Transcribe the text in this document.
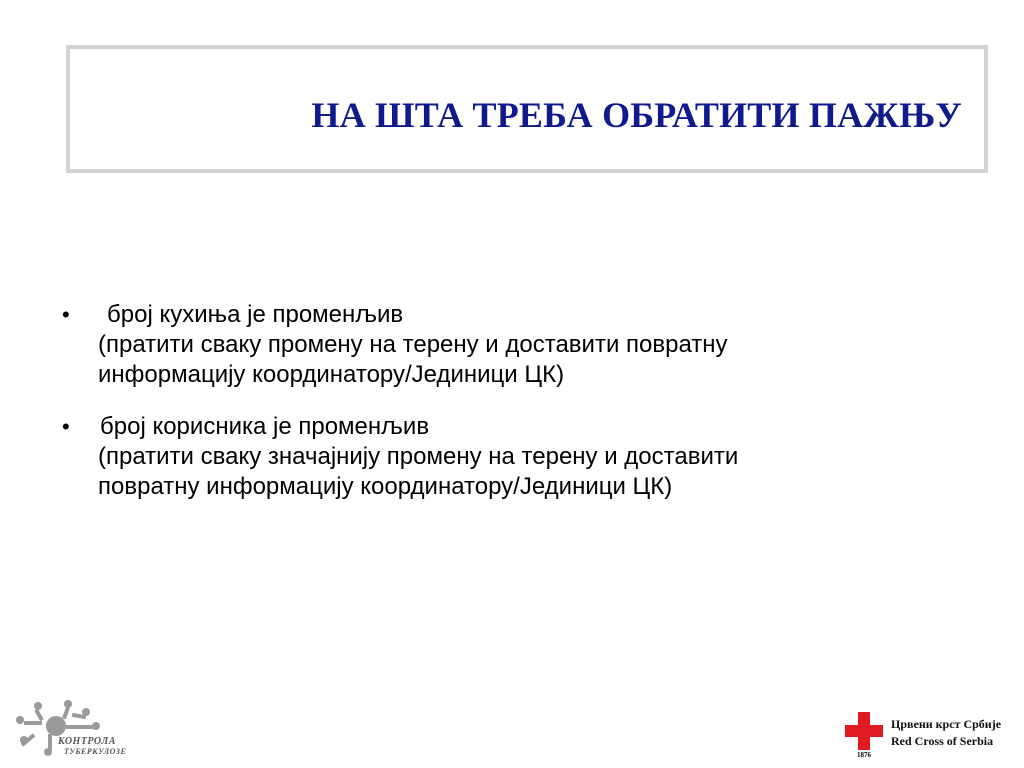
НА ШТА ТРЕБА ОБРАТИТИ ПАЖЊУ
• број кухиња је променљив
(пратити сваку промену на терену и доставити повратну
информацију координатору/Јединици ЦК)
• број корисника је променљив
(пратити сваку значајнију промену на терену и доставити
повратну информацију координатору/Јединици ЦК)
КОНТРОЛА
ТУБЕРКУЛОЗЕ	1876
Црвени крст Србије
Red Cross of Serbia
